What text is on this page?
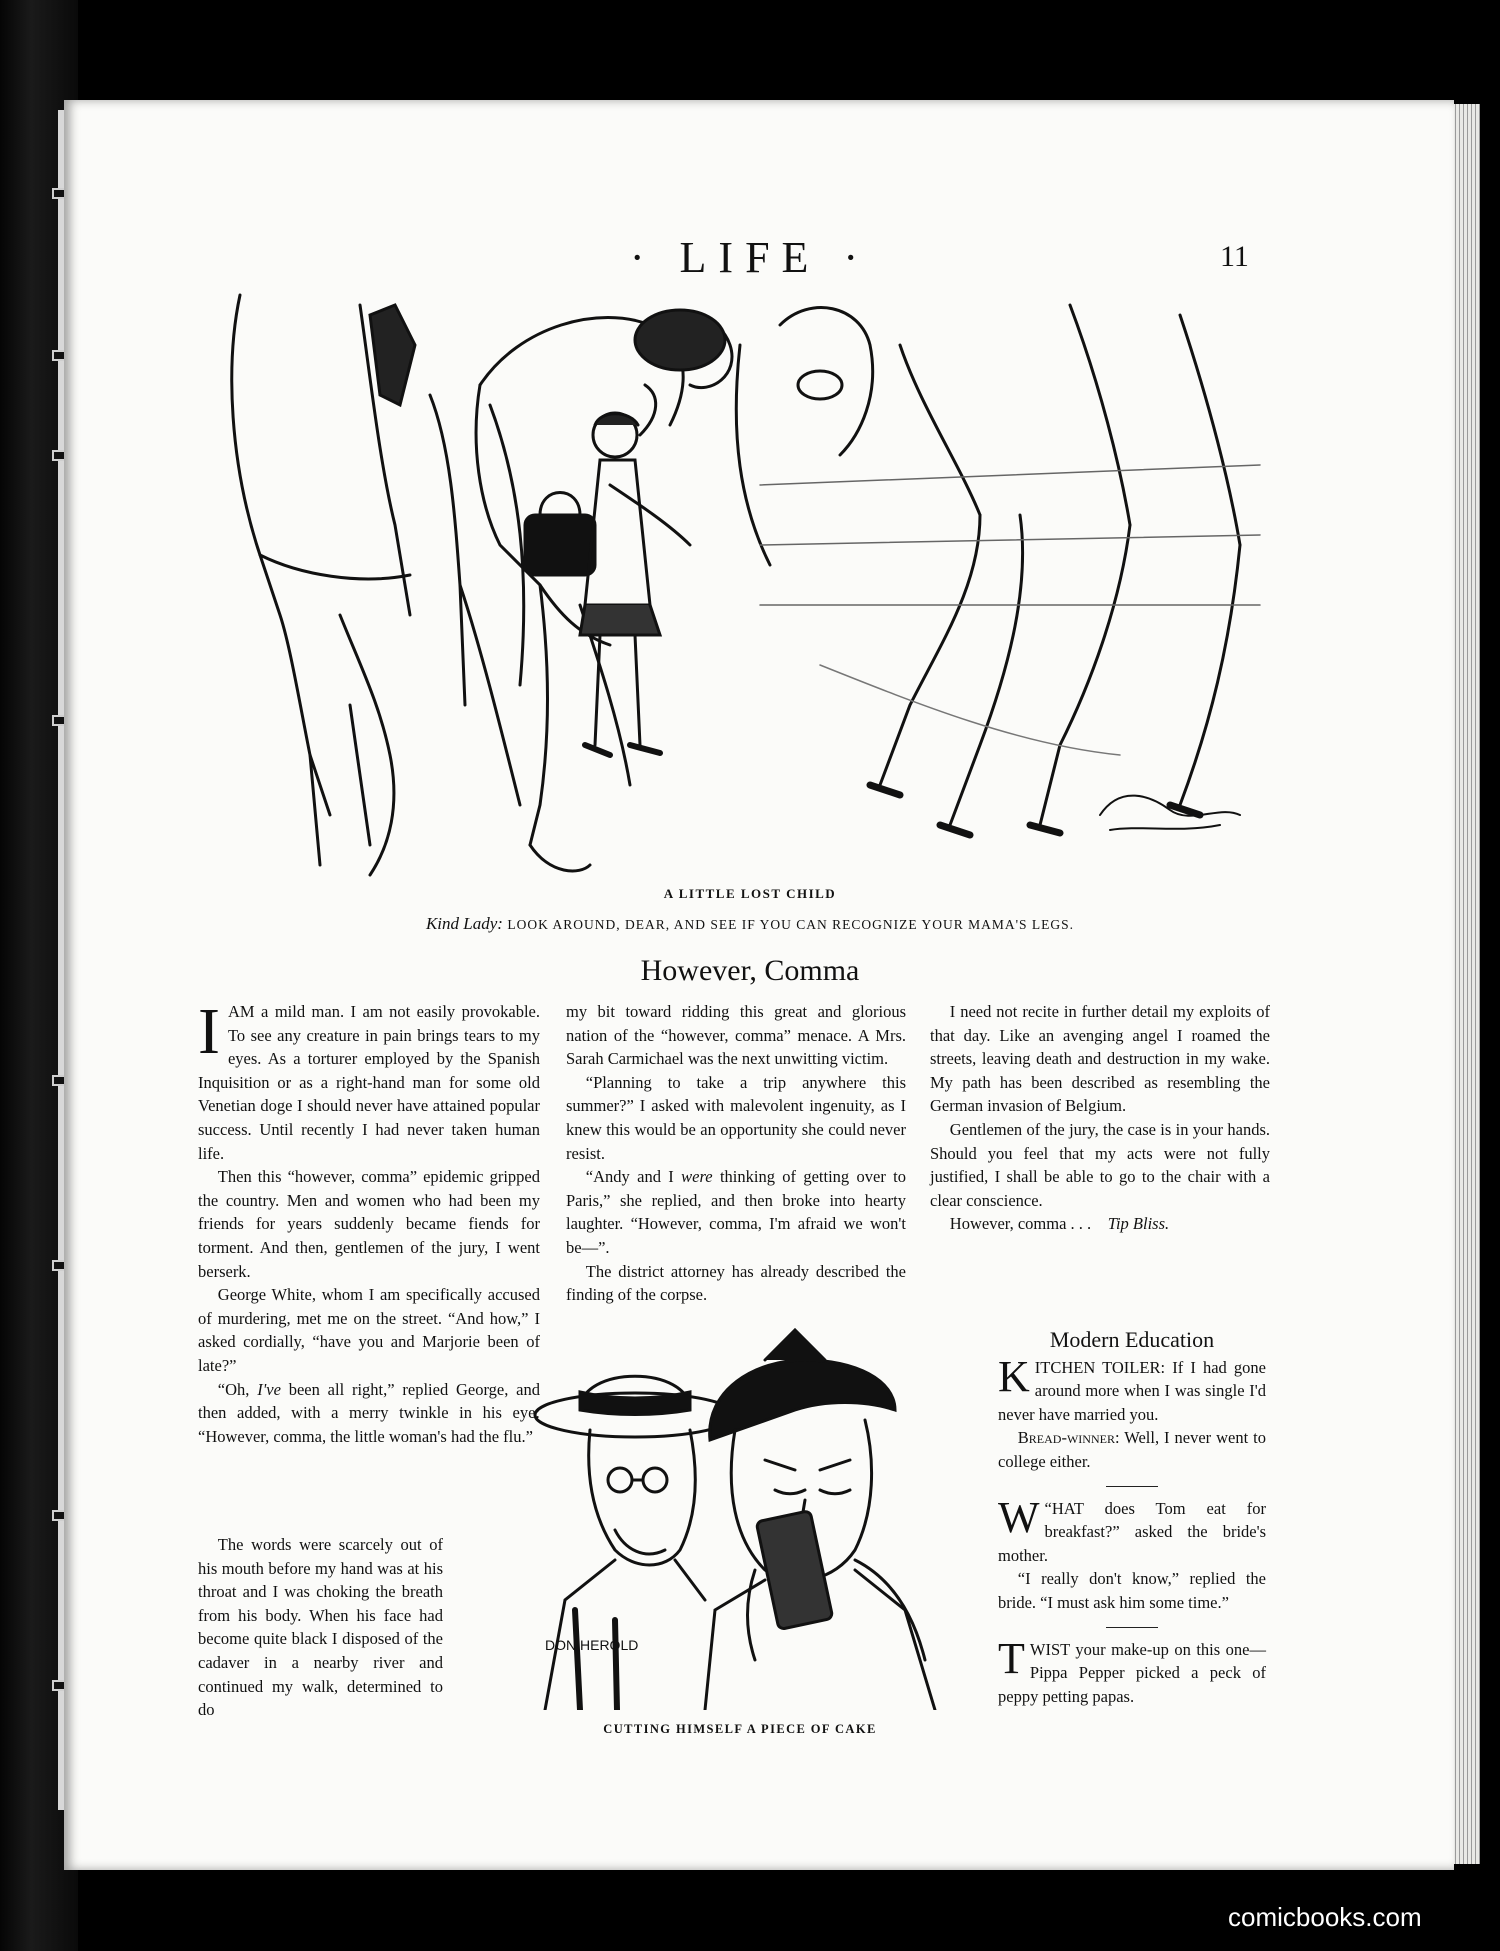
· LIFE ·	11
A LITTLE LOST CHILD
Kind Lady: LOOK AROUND, DEAR, AND SEE IF YOU CAN RECOGNIZE YOUR MAMA'S LEGS.
However, Comma

IAM a mild man. I am not easily provokable. To see any creature in pain brings tears to my eyes. As a torturer employed by the Spanish Inquisition or as a right-hand man for some old Venetian doge I should never have attained popular success. Until recently I had never taken human life.

Then this “however, comma” epidemic gripped the country. Men and women who had been my friends for years suddenly became fiends for torment. And then, gentlemen of the jury, I went berserk.

George White, whom I am specifically accused of murdering, met me on the street. “And how,” I asked cordially, “have you and Marjorie been of late?”

“Oh, I've been all right,” replied George, and then added, with a merry twinkle in his eye: “However, comma, the little woman's had the flu.”

The words were scarcely out of his mouth before my hand was at his throat and I was choking the breath from his body. When his face had become quite black I disposed of the cadaver in a nearby river and continued my walk, determined to do

my bit toward ridding this great and glorious nation of the “however, comma” menace. A Mrs. Sarah Carmichael was the next unwitting victim.

“Planning to take a trip anywhere this summer?” I asked with malevolent ingenuity, as I knew this would be an opportunity she could never resist.

“Andy and I were thinking of getting over to Paris,” she replied, and then broke into hearty laughter. “However, comma, I'm afraid we won't be—”.

The district attorney has already described the finding of the corpse.

I need not recite in further detail my exploits of that day. Like an avenging angel I roamed the streets, leaving death and destruction in my wake. My path has been described as resembling the German invasion of Belgium.

Gentlemen of the jury, the case is in your hands. Should you feel that my acts were not fully justified, I shall be able to go to the chair with a clear conscience.

However, comma . . . Tip Bliss.

Modern Education

KITCHEN TOILER: If I had gone around more when I was single I'd never have married you.

Bread-winner: Well, I never went to college either.

“
W HAT does Tom eat for breakfast?” asked the bride's mother.

“I really don't know,” replied the bride. “I must ask him some time.”

TWIST your make-up on this one—Pippa Pepper picked a peck of peppy petting papas.

DON HEROLD
CUTTING HIMSELF A PIECE OF CAKE
comicbooks.com
